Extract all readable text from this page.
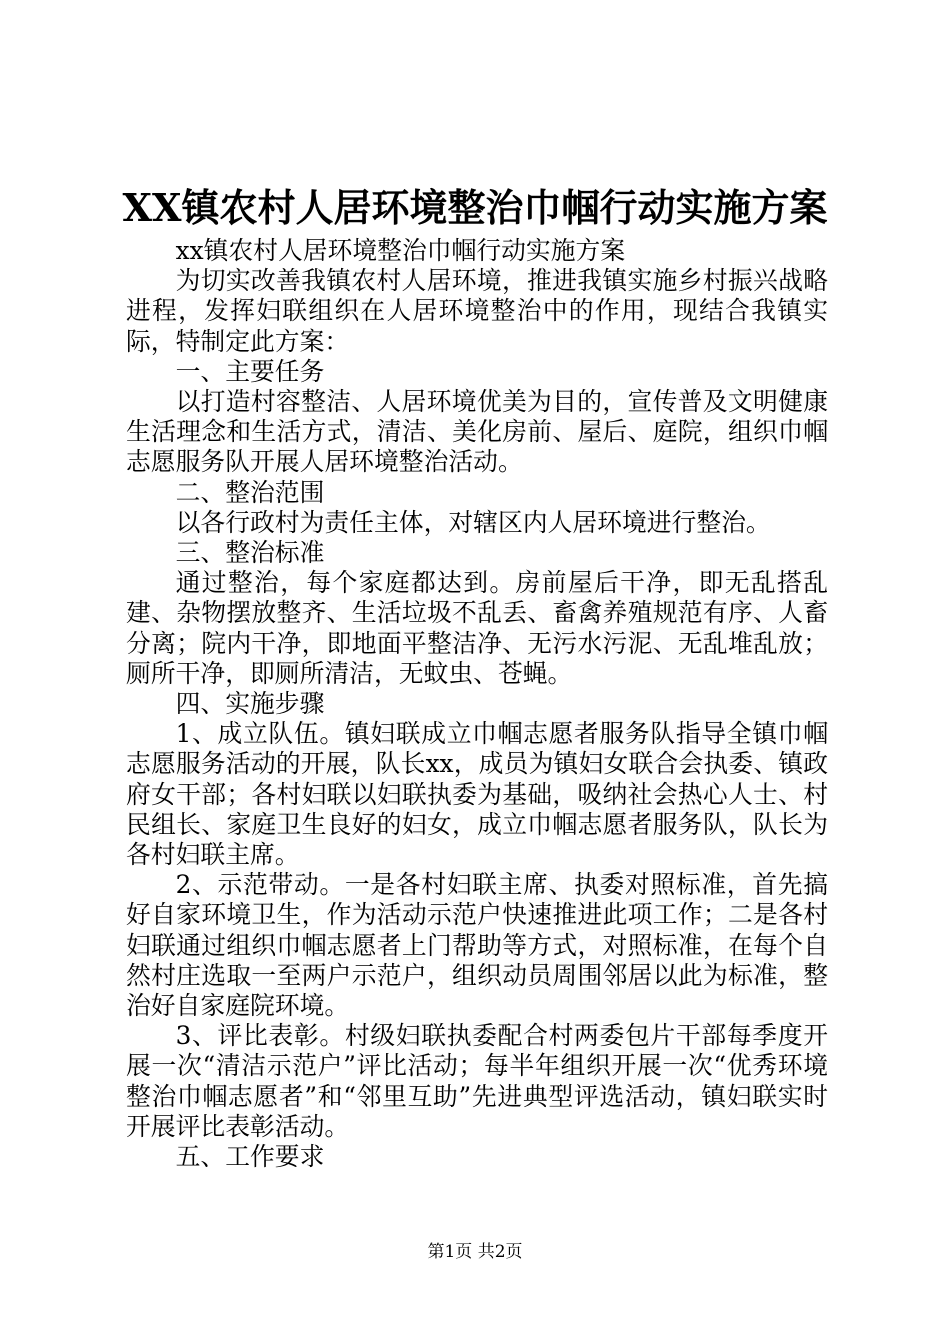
XX镇农村人居环境整治巾帼行动实施方案

xx镇农村人居环境整治巾帼行动实施方案

为切实改善我镇农村人居环境，推进我镇实施乡村振兴战略进程，发挥妇联组织在人居环境整治中的作用，现结合我镇实际，特制定此方案：

一、主要任务

以打造村容整洁、人居环境优美为目的，宣传普及文明健康生活理念和生活方式，清洁、美化房前、屋后、庭院，组织巾帼志愿服务队开展人居环境整治活动。

二、整治范围

以各行政村为责任主体，对辖区内人居环境进行整治。

三、整治标准

通过整治，每个家庭都达到。房前屋后干净，即无乱搭乱建、杂物摆放整齐、生活垃圾不乱丢、畜禽养殖规范有序、人畜分离；院内干净，即地面平整洁净、无污水污泥、无乱堆乱放；厕所干净，即厕所清洁，无蚊虫、苍蝇。

四、实施步骤

1、成立队伍。镇妇联成立巾帼志愿者服务队指导全镇巾帼志愿服务活动的开展，队长xx，成员为镇妇女联合会执委、镇政府女干部；各村妇联以妇联执委为基础，吸纳社会热心人士、村民组长、家庭卫生良好的妇女，成立巾帼志愿者服务队，队长为各村妇联主席。

2、示范带动。一是各村妇联主席、执委对照标准，首先搞好自家环境卫生，作为活动示范户快速推进此项工作；二是各村妇联通过组织巾帼志愿者上门帮助等方式，对照标准，在每个自然村庄选取一至两户示范户，组织动员周围邻居以此为标准，整治好自家庭院环境。

3、评比表彰。村级妇联执委配合村两委包片干部每季度开展一次“清洁示范户”评比活动；每半年组织开展一次“优秀环境整治巾帼志愿者”和“邻里互助”先进典型评选活动，镇妇联实时开展评比表彰活动。

五、工作要求

第1页 共2页
